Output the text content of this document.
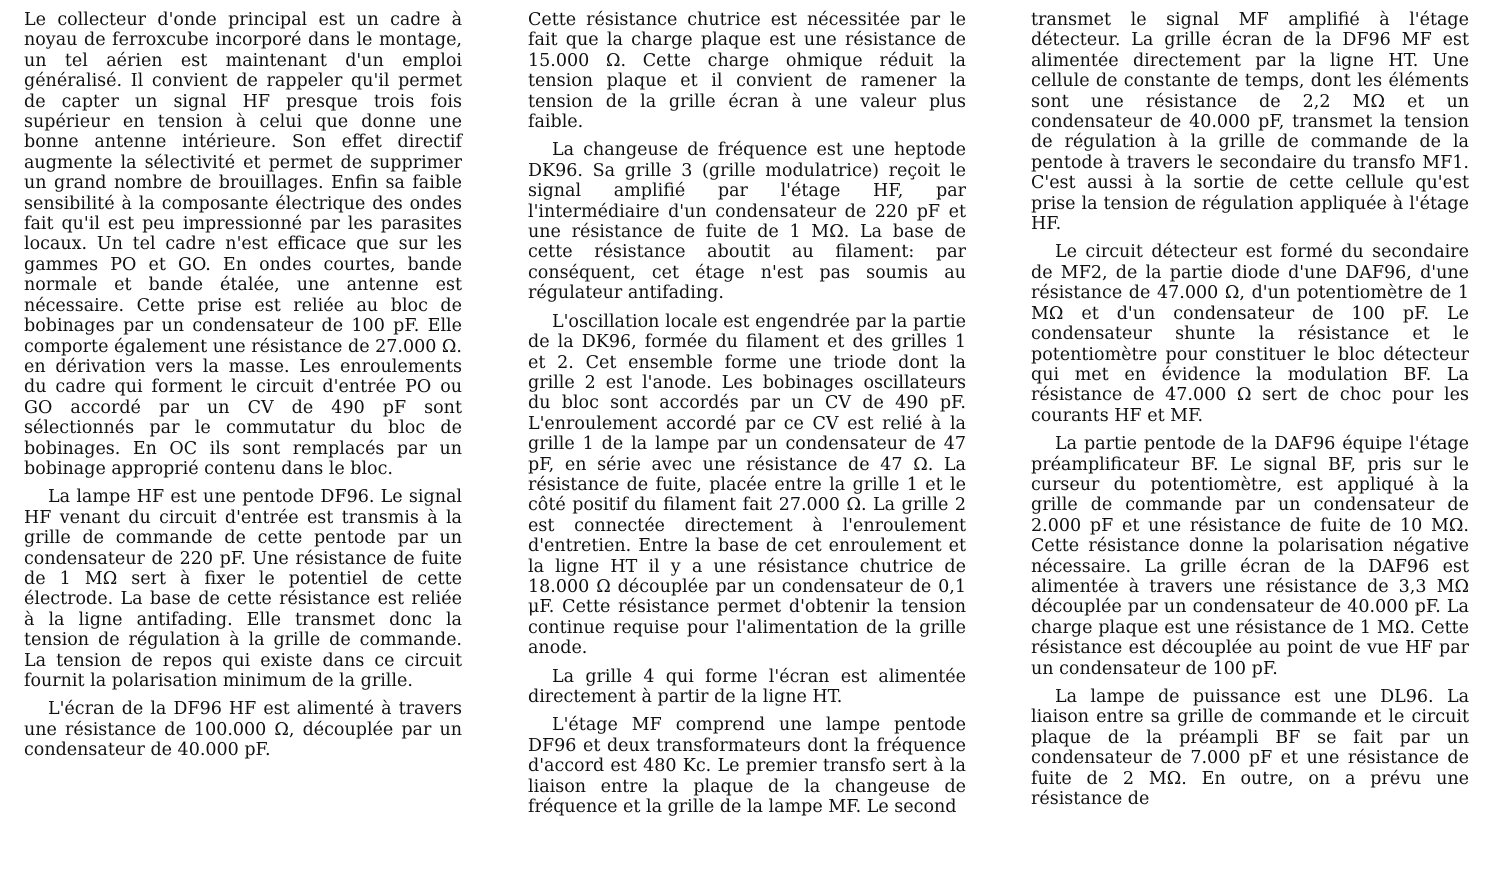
Le collecteur d'onde principal est un cadre à noyau de ferroxcube incorporé dans le montage, un tel aérien est maintenant d'un emploi généralisé. Il convient de rappeler qu'il permet de capter un signal HF presque trois fois supérieur en tension à celui que donne une bonne antenne intérieure. Son effet directif augmente la sélectivité et permet de supprimer un grand nombre de brouillages. Enfin sa faible sensibilité à la composante électrique des ondes fait qu'il est peu impressionné par les parasites locaux. Un tel cadre n'est efficace que sur les gammes PO et GO. En ondes courtes, bande normale et bande étalée, une antenne est nécessaire. Cette prise est reliée au bloc de bobinages par un condensateur de 100 pF. Elle comporte également une résistance de 27.000 Ω. en dérivation vers la masse. Les enroulements du cadre qui forment le circuit d'entrée PO ou GO accordé par un CV de 490 pF sont sélectionnés par le commutatur du bloc de bobinages. En OC ils sont remplacés par un bobinage approprié contenu dans le bloc.

La lampe HF est une pentode DF96. Le signal HF venant du circuit d'entrée est transmis à la grille de commande de cette pentode par un condensateur de 220 pF. Une résistance de fuite de 1 MΩ sert à fixer le potentiel de cette électrode. La base de cette résistance est reliée à la ligne antifading. Elle transmet donc la tension de régulation à la grille de commande. La tension de repos qui existe dans ce circuit fournit la polarisation minimum de la grille.

L'écran de la DF96 HF est alimenté à travers une résistance de 100.000 Ω, découplée par un condensateur de 40.000 pF.

Cette résistance chutrice est nécessitée par le fait que la charge plaque est une résistance de 15.000 Ω. Cette charge ohmique réduit la tension plaque et il convient de ramener la tension de la grille écran à une valeur plus faible.

La changeuse de fréquence est une heptode DK96. Sa grille 3 (grille modulatrice) reçoit le signal amplifié par l'étage HF, par l'intermédiaire d'un condensateur de 220 pF et une résistance de fuite de 1 MΩ. La base de cette résistance aboutit au filament: par conséquent, cet étage n'est pas soumis au régulateur antifading.

L'oscillation locale est engendrée par la partie de la DK96, formée du filament et des grilles 1 et 2. Cet ensemble forme une triode dont la grille 2 est l'anode. Les bobinages oscillateurs du bloc sont accordés par un CV de 490 pF. L'enroulement accordé par ce CV est relié à la grille 1 de la lampe par un condensateur de 47 pF, en série avec une résistance de 47 Ω. La résistance de fuite, placée entre la grille 1 et le côté positif du filament fait 27.000 Ω. La grille 2 est connectée directement à l'enroulement d'entretien. Entre la base de cet enroulement et la ligne HT il y a une résistance chutrice de 18.000 Ω découplée par un condensateur de 0,1 μF. Cette résistance permet d'obtenir la tension continue requise pour l'alimentation de la grille anode.

La grille 4 qui forme l'écran est alimentée directement à partir de la ligne HT.

L'étage MF comprend une lampe pentode DF96 et deux transformateurs dont la fréquence d'accord est 480 Kc. Le premier transfo sert à la liaison entre la plaque de la changeuse de fréquence et la grille de la lampe MF. Le second

transmet le signal MF amplifié à l'étage détecteur. La grille écran de la DF96 MF est alimentée directement par la ligne HT. Une cellule de constante de temps, dont les éléments sont une résistance de 2,2 MΩ et un condensateur de 40.000 pF, transmet la tension de régulation à la grille de commande de la pentode à travers le secondaire du transfo MF1. C'est aussi à la sortie de cette cellule qu'est prise la tension de régulation appliquée à l'étage HF.

Le circuit détecteur est formé du secondaire de MF2, de la partie diode d'une DAF96, d'une résistance de 47.000 Ω, d'un potentiomètre de 1 MΩ et d'un condensateur de 100 pF. Le condensateur shunte la résistance et le potentiomètre pour constituer le bloc détecteur qui met en évidence la modulation BF. La résistance de 47.000 Ω sert de choc pour les courants HF et MF.

La partie pentode de la DAF96 équipe l'étage préamplificateur BF. Le signal BF, pris sur le curseur du potentiomètre, est appliqué à la grille de commande par un condensateur de 2.000 pF et une résistance de fuite de 10 MΩ. Cette résistance donne la polarisation négative nécessaire. La grille écran de la DAF96 est alimentée à travers une résistance de 3,3 MΩ découplée par un condensateur de 40.000 pF. La charge plaque est une résistance de 1 MΩ. Cette résistance est découplée au point de vue HF par un condensateur de 100 pF.

La lampe de puissance est une DL96. La liaison entre sa grille de commande et le circuit plaque de la préampli BF se fait par un condensateur de 7.000 pF et une résistance de fuite de 2 MΩ. En outre, on a prévu une résistance de
